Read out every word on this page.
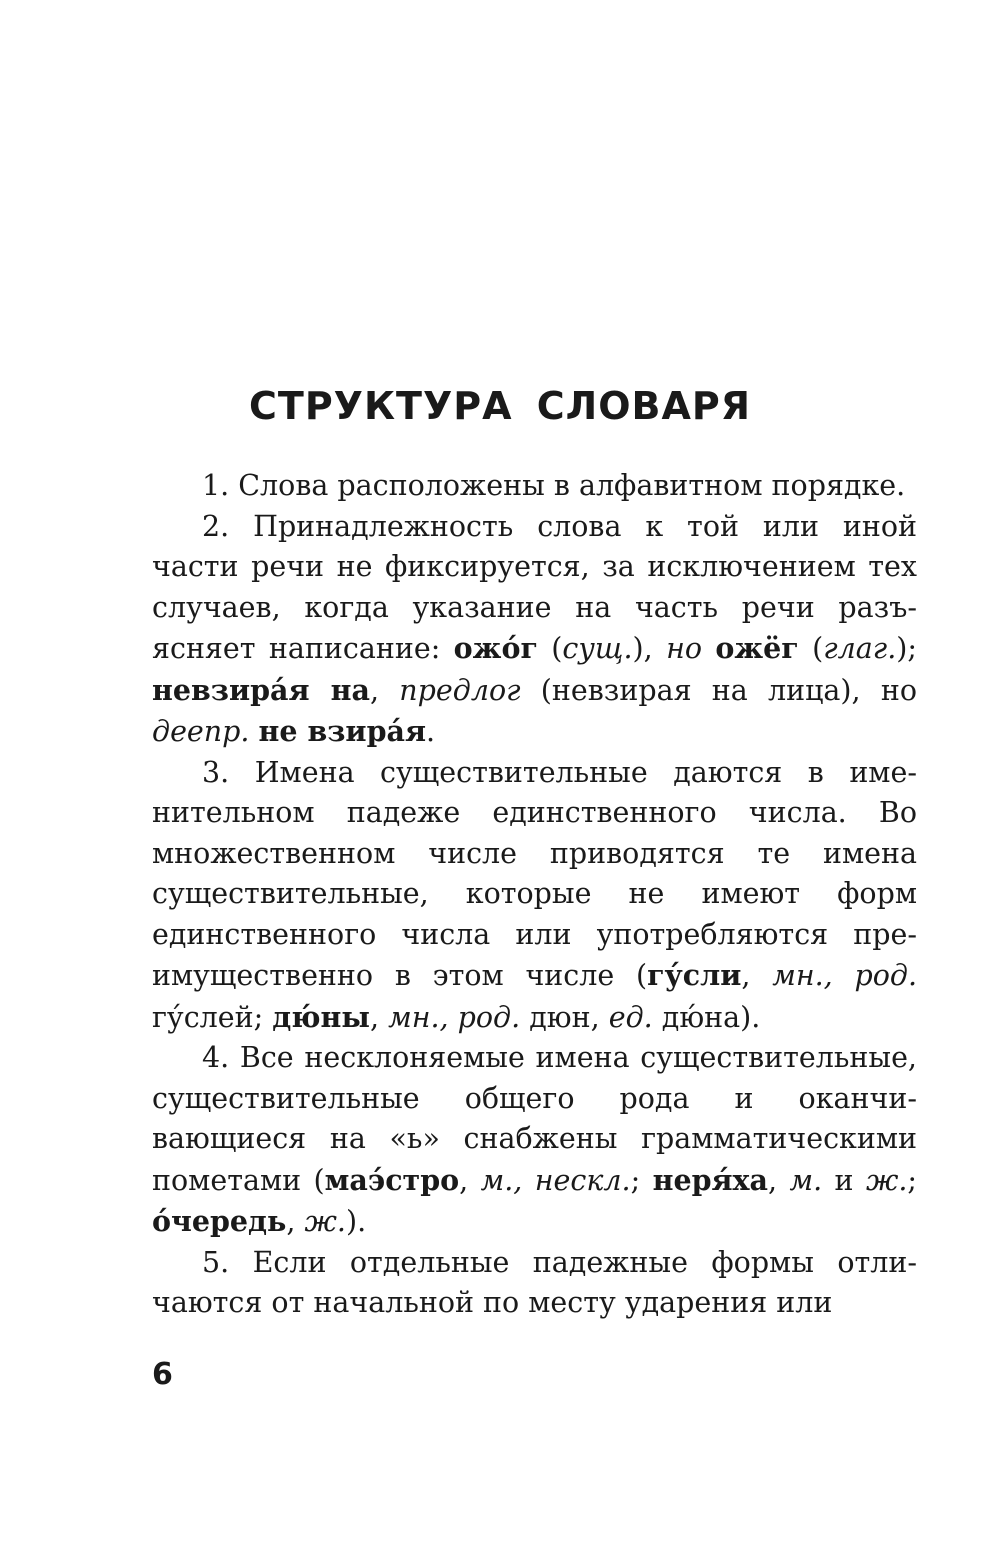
СТРУКТУРА СЛОВАРЯ

1. Слова расположены в алфавитном порядке.

2. Принадлежность слова к той или иной части речи не фиксируется, за исключением тех случаев, когда указание на часть речи разъясняет написание: ожо́г (сущ.), но ожёг (глаг.); невзира́я на, предлог (невзирая на лица), но деепр. не взира́я.

3. Имена существительные даются в именительном падеже единственного числа. Во множественном числе приводятся те имена существительные, которые не имеют форм единственного числа или употребляются преимущественно в этом числе (гу́сли, мн., род. гу́слей; дю́ны, мн., род. дюн, ед. дю́на).

4. Все несклоняемые имена существительные, существительные общего рода и оканчивающиеся на «ь» снабжены грамматическими пометами (маэ́стро, м., нескл.; неря́ха, м. и ж.; о́чередь, ж.).

5. Если отдельные падежные формы отличаются от начальной по месту ударения или

6
